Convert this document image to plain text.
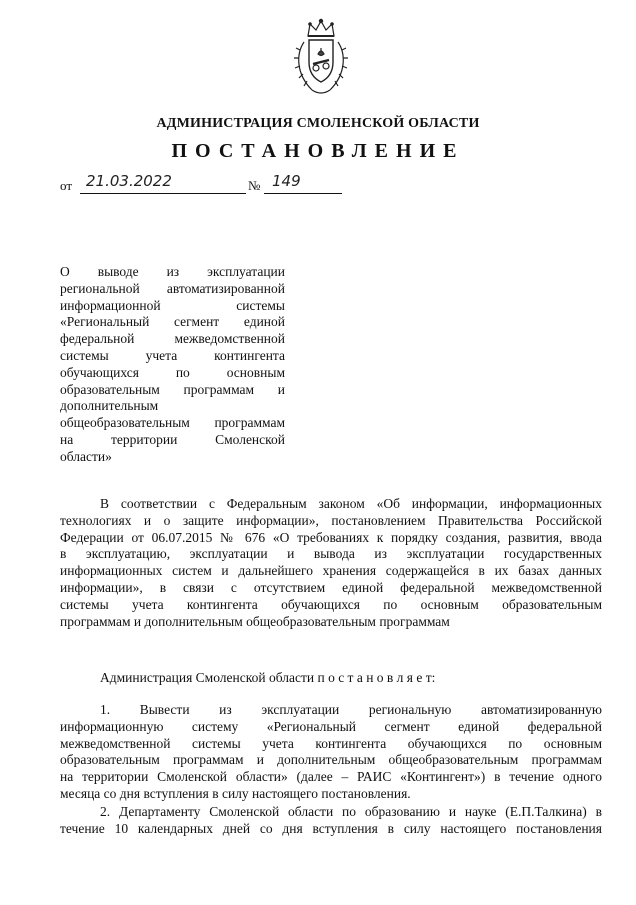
АДМИНИСТРАЦИЯ СМОЛЕНСКОЙ ОБЛАСТИ
ПОСТАНОВЛЕНИЕ
от 21.03.2022	№ 149
О выводе из эксплуатации
региональной автоматизированной
информационной системы
«Региональный сегмент единой
федеральной межведомственной
системы учета контингента
обучающихся по основным
образовательным программам и
дополнительным
общеобразовательным программам
на территории Смоленской
области»
В соответствии с Федеральным законом «Об информации, информационных
технологиях и о защите информации», постановлением Правительства Российской
Федерации от 06.07.2015 № 676 «О требованиях к порядку создания, развития, ввода
в эксплуатацию, эксплуатации и вывода из эксплуатации государственных
информационных систем и дальнейшего хранения содержащейся в их базах данных
информации», в связи с отсутствием единой федеральной межведомственной
системы учета контингента обучающихся по основным образовательным
программам и дополнительным общеобразовательным программам
Администрация Смоленской области п о с т а н о в л я е т:
1. Вывести из эксплуатации региональную автоматизированную
информационную систему «Региональный сегмент единой федеральной
межведомственной системы учета контингента обучающихся по основным
образовательным программам и дополнительным общеобразовательным программам
на территории Смоленской области» (далее – РАИС «Контингент») в течение одного
месяца со дня вступления в силу настоящего постановления.
2. Департаменту Смоленской области по образованию и науке (Е.П.Талкина) в
течение 10 календарных дней со дня вступления в силу настоящего постановления
